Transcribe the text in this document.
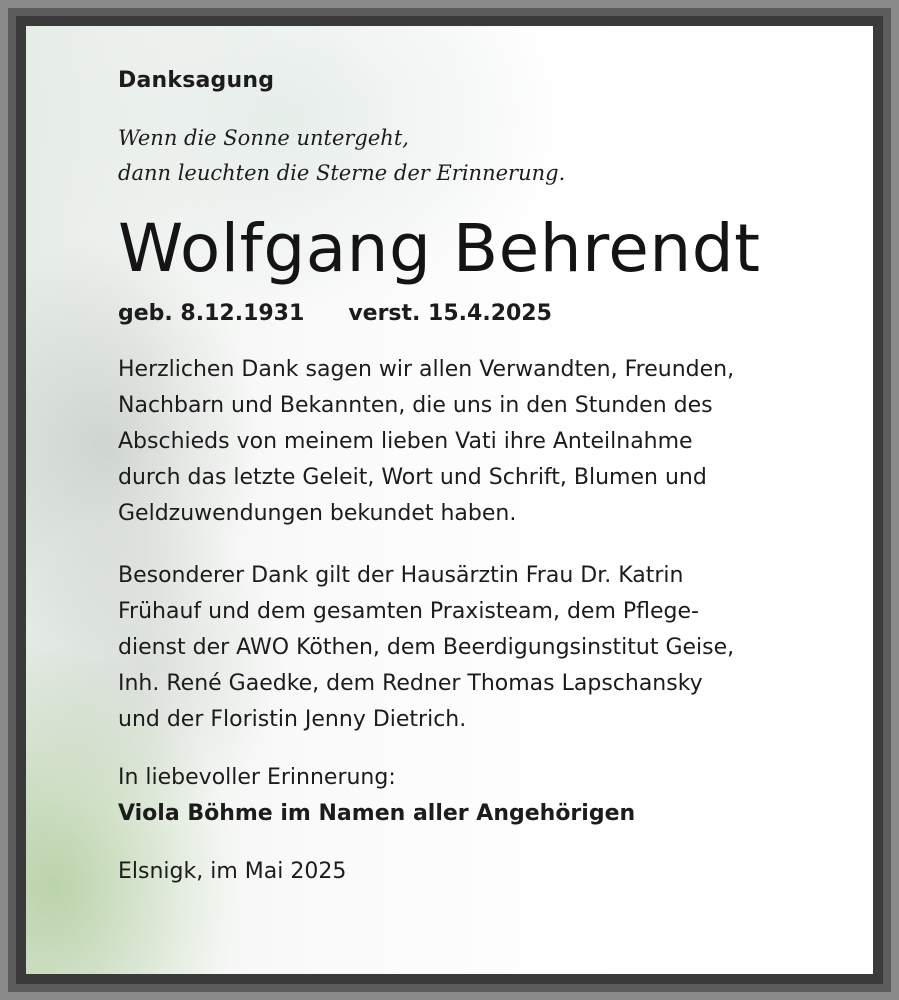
Danksagung
Wenn die Sonne untergeht,
dann leuchten die Sterne der Erinnerung.
Wolfgang Behrendt
geb. 8.12.1931 verst. 15.4.2025
Herzlichen Dank sagen wir allen Verwandten, Freunden,
Nachbarn und Bekannten, die uns in den Stunden des
Abschieds von meinem lieben Vati ihre Anteilnahme
durch das letzte Geleit, Wort und Schrift, Blumen und
Geldzuwendungen bekundet haben.
Besonderer Dank gilt der Hausärztin Frau Dr. Katrin
Frühauf und dem gesamten Praxisteam, dem Pflege-
dienst der AWO Köthen, dem Beerdigungsinstitut Geise,
Inh. René Gaedke, dem Redner Thomas Lapschansky
und der Floristin Jenny Dietrich.
In liebevoller Erinnerung:
Viola Böhme im Namen aller Angehörigen
Elsnigk, im Mai 2025
